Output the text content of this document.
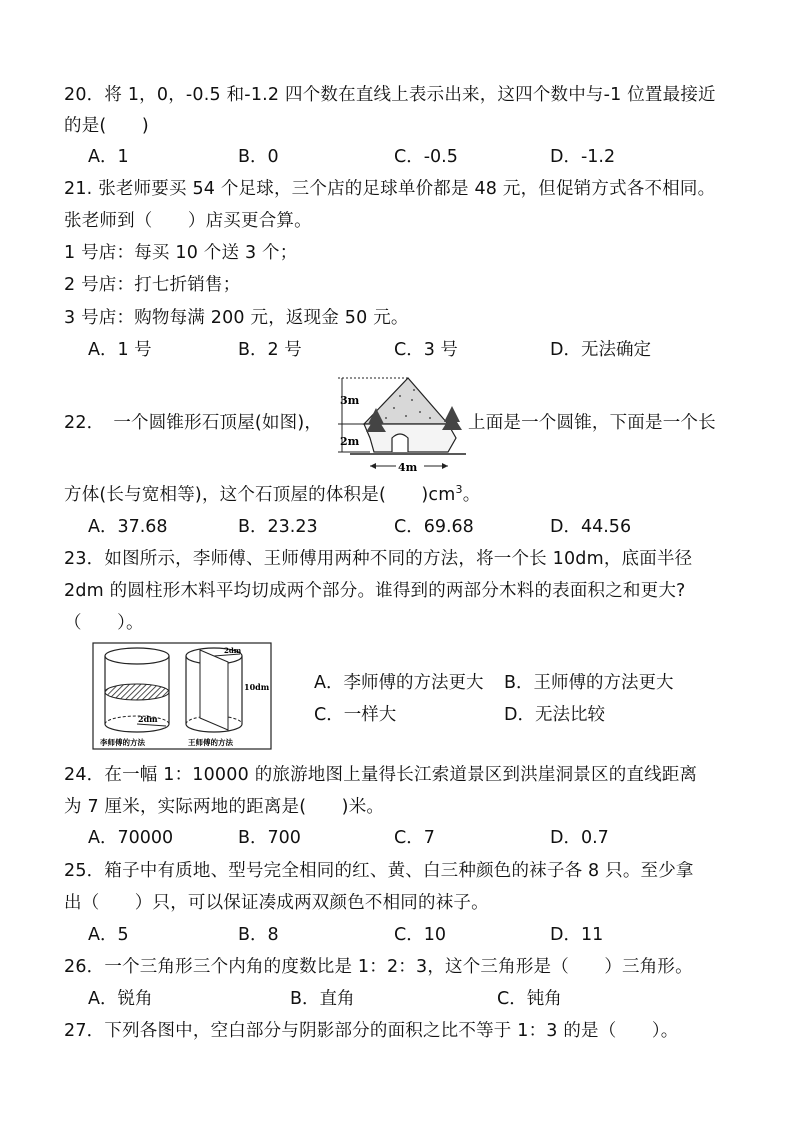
20．将 1，0，-0.5 和-1.2 四个数在直线上表示出来，这四个数中与-1 位置最接近
的是(　　)
A．1	B．0	C．-0.5	D．-1.2
21. 张老师要买 54 个足球，三个店的足球单价都是 48 元，但促销方式各不相同。
张老师到（　　）店买更合算。
1 号店：每买 10 个送 3 个；
2 号店：打七折销售；
3 号店：购物每满 200 元，返现金 50 元。
A．1 号	B．2 号	C．3 号	D．无法确定
22．　一个圆锥形石顶屋(如图)，
3m
2m
4m
上面是一个圆锥，下面是一个长
方体(长与宽相等)，这个石顶屋的体积是(　　)$cm^3$。
A．37.68	B．23.23	C．69.68	D．44.56
23．如图所示，李师傅、王师傅用两种不同的方法，将一个长 10dm，底面半径
2dm 的圆柱形木料平均切成两个部分。谁得到的两部分木料的表面积之和更大?
（　　）。
2dm
李师傅的方法
2dm
10dm
王师傅的方法
A．李师傅的方法更大 B．王师傅的方法更大
C．一样大	D．无法比较
24．在一幅 1：10000 的旅游地图上量得长江索道景区到洪崖洞景区的直线距离
为 7 厘米，实际两地的距离是(　　)米。
A．70000	B．700	C．7	D．0.7
25．箱子中有质地、型号完全相同的红、黄、白三种颜色的袜子各 8 只。至少拿
出（　　）只，可以保证凑成两双颜色不相同的袜子。
A．5	B．8	C．10	D．11
26．一个三角形三个内角的度数比是 1：2：3，这个三角形是（　　）三角形。
A．锐角	B．直角	C．钝角
27．下列各图中，空白部分与阴影部分的面积之比不等于 1：3 的是（　　）。
